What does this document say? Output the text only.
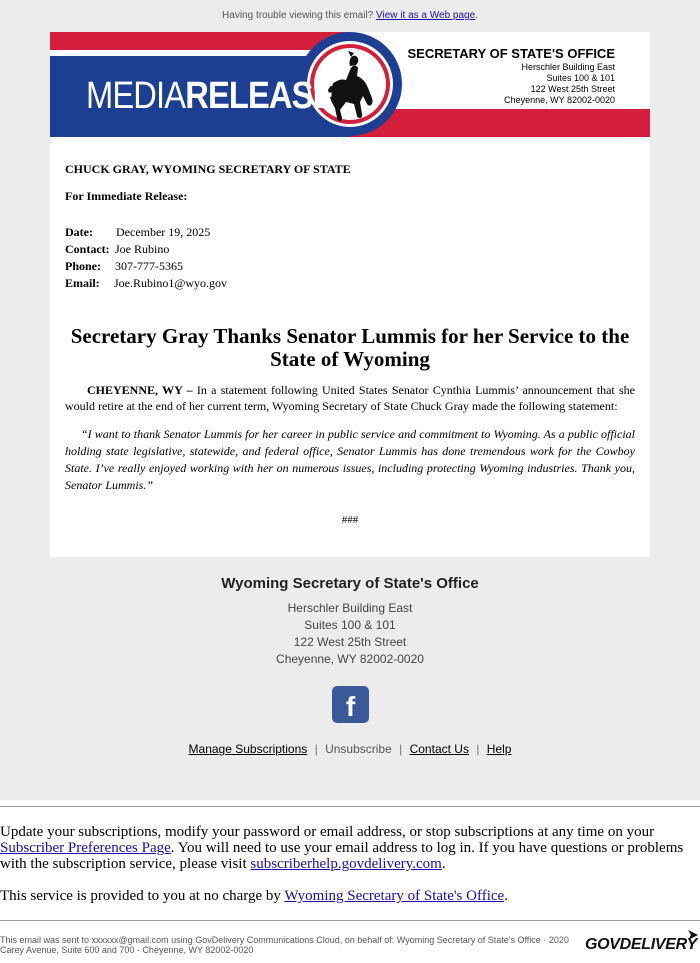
Having trouble viewing this email? View it as a Web page.
MEDIARELEASE
SECRETARY OF STATE'S OFFICE
Herschler Building East
Suites 100 & 101
122 West 25th Street
Cheyenne, WY 82002-0020

CHUCK GRAY, WYOMING SECRETARY OF STATE

For Immediate Release:

Date: December 19, 2025
Contact: Joe Rubino
Phone: 307-777-5365
Email: Joe.Rubino1@wyo.gov
Secretary Gray Thanks Senator Lummis for her Service to the State of Wyoming
CHEYENNE, WY – In a statement following United States Senator Cynthia Lummis’ announcement that she would retire at the end of her current term, Wyoming Secretary of State Chuck Gray made the following statement:
“I want to thank Senator Lummis for her career in public service and commitment to Wyoming. As a public official holding state legislative, statewide, and federal office, Senator Lummis has done tremendous work for the Cowboy State. I’ve really enjoyed working with her on numerous issues, including protecting Wyoming industries. Thank you, Senator Lummis.”
###
Wyoming Secretary of State's Office
Herschler Building East
Suites 100 & 101
122 West 25th Street
Cheyenne, WY 82002-0020
f
Manage Subscriptions | Unsubscribe | Contact Us | Help
Update your subscriptions, modify your password or email address, or stop subscriptions at any time on your Subscriber Preferences Page. You will need to use your email address to log in. If you have questions or problems with the subscription service, please visit subscriberhelp.govdelivery.com.
This service is provided to you at no charge by Wyoming Secretary of State's Office.
This email was sent to xxxxxx@gmail.com using GovDelivery Communications Cloud, on behalf of: Wyoming Secretary of State's Office · 2020 Carey Avenue, Suite 600 and 700 · Cheyenne, WY 82002-0020	GOVDELIVERY
